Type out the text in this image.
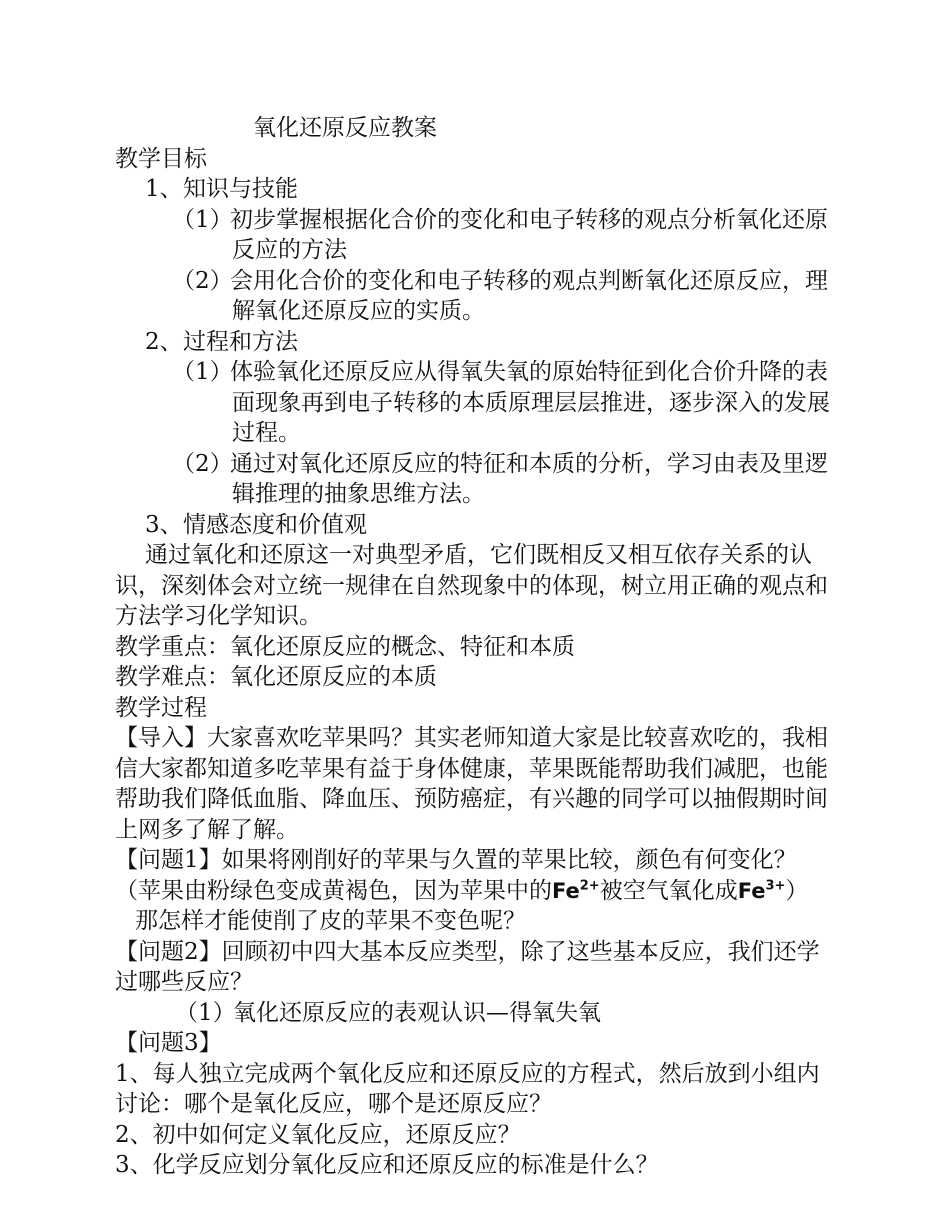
氧化还原反应教案
教学目标
1、知识与技能
（1）初步掌握根据化合价的变化和电子转移的观点分析氧化还原
反应的方法
（2）会用化合价的变化和电子转移的观点判断氧化还原反应，理
解氧化还原反应的实质。
2、过程和方法
（1）体验氧化还原反应从得氧失氧的原始特征到化合价升降的表
面现象再到电子转移的本质原理层层推进，逐步深入的发展
过程。
（2）通过对氧化还原反应的特征和本质的分析，学习由表及里逻
辑推理的抽象思维方法。
3、情感态度和价值观
通过氧化和还原这一对典型矛盾，它们既相反又相互依存关系的认
识，深刻体会对立统一规律在自然现象中的体现，树立用正确的观点和
方法学习化学知识。
教学重点：氧化还原反应的概念、特征和本质
教学难点：氧化还原反应的本质
教学过程
【导入】大家喜欢吃苹果吗？其实老师知道大家是比较喜欢吃的，我相
信大家都知道多吃苹果有益于身体健康，苹果既能帮助我们减肥，也能
帮助我们降低血脂、降血压、预防癌症，有兴趣的同学可以抽假期时间
上网多了解了解。
【问题1】如果将刚削好的苹果与久置的苹果比较，颜色有何变化？
（苹果由粉绿色变成黄褐色，因为苹果中的$Fe^{2+}$被空气氧化成$Fe^{3+}$）
那怎样才能使削了皮的苹果不变色呢？
【问题2】回顾初中四大基本反应类型，除了这些基本反应，我们还学
过哪些反应？
（1）氧化还原反应的表观认识—得氧失氧
【问题3】
1、每人独立完成两个氧化反应和还原反应的方程式，然后放到小组内
讨论：哪个是氧化反应，哪个是还原反应？
2、初中如何定义氧化反应，还原反应？
3、化学反应划分氧化反应和还原反应的标准是什么？
